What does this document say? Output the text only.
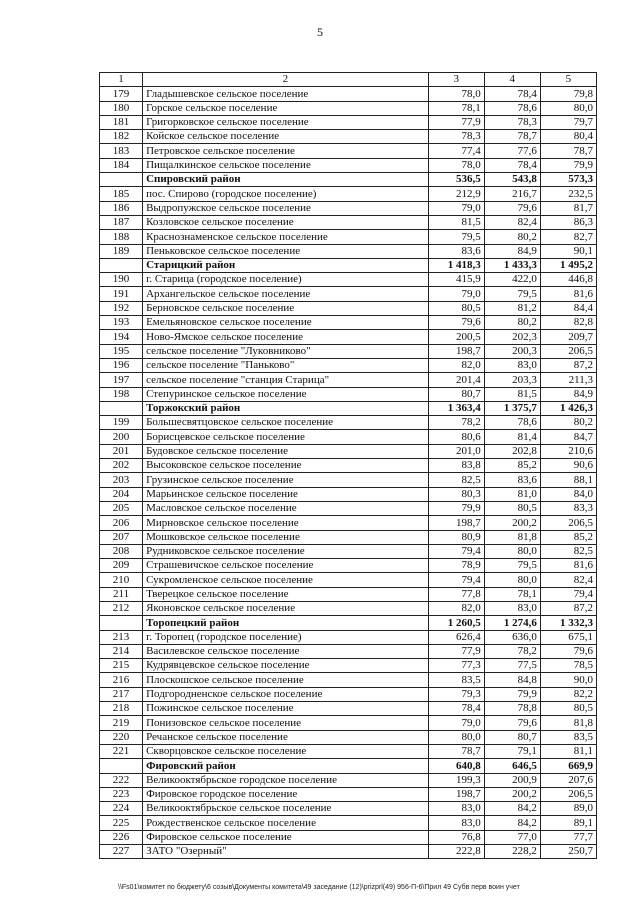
5
1	2	3	4	5
179	Гладышевское сельское поселение	78,0	78,4	79,8
180	Горское сельское поселение	78,1	78,6	80,0
181	Григорковское сельское поселение	77,9	78,3	79,7
182	Койское сельское поселение	78,3	78,7	80,4
183	Петровское сельское поселение	77,4	77,6	78,7
184	Пищалкинское сельское поселение	78,0	78,4	79,9
	Спировский район	536,5	543,8	573,3
185	пос. Спирово (городское поселение)	212,9	216,7	232,5
186	Выдропужское сельское поселение	79,0	79,6	81,7
187	Козловское сельское поселение	81,5	82,4	86,3
188	Краснознаменское сельское поселение	79,5	80,2	82,7
189	Пеньковское сельское поселение	83,6	84,9	90,1
	Старицкий район	1 418,3	1 433,3	1 495,2
190	г. Старица (городское поселение)	415,9	422,0	446,8
191	Архангельское сельское поселение	79,0	79,5	81,6
192	Берновское сельское поселение	80,5	81,2	84,4
193	Емельяновское сельское поселение	79,6	80,2	82,8
194	Ново-Ямское сельское поселение	200,5	202,3	209,7
195	сельское поселение "Луковниково"	198,7	200,3	206,5
196	сельское поселение "Паньково"	82,0	83,0	87,2
197	сельское поселение "станция Старица"	201,4	203,3	211,3
198	Степуринское сельское поселение	80,7	81,5	84,9
	Торжокский район	1 363,4	1 375,7	1 426,3
199	Большесвятцовское сельское поселение	78,2	78,6	80,2
200	Борисцевское сельское поселение	80,6	81,4	84,7
201	Будовское сельское поселение	201,0	202,8	210,6
202	Высоковское сельское поселение	83,8	85,2	90,6
203	Грузинское сельское поселение	82,5	83,6	88,1
204	Марьинское сельское поселение	80,3	81,0	84,0
205	Масловское сельское поселение	79,9	80,5	83,3
206	Мирновское сельское поселение	198,7	200,2	206,5
207	Мошковское сельское поселение	80,9	81,8	85,2
208	Рудниковское сельское поселение	79,4	80,0	82,5
209	Страшевичское сельское поселение	78,9	79,5	81,6
210	Сукромленское сельское поселение	79,4	80,0	82,4
211	Тверецкое сельское поселение	77,8	78,1	79,4
212	Яконовское сельское поселение	82,0	83,0	87,2
	Торопецкий район	1 260,5	1 274,6	1 332,3
213	г. Торопец (городское поселение)	626,4	636,0	675,1
214	Василевское сельское поселение	77,9	78,2	79,6
215	Кудрявцевское сельское поселение	77,3	77,5	78,5
216	Плоскошское сельское поселение	83,5	84,8	90,0
217	Подгородненское сельское поселение	79,3	79,9	82,2
218	Пожинское сельское поселение	78,4	78,8	80,5
219	Понизовское сельское поселение	79,0	79,6	81,8
220	Речанское сельское поселение	80,0	80,7	83,5
221	Скворцовское сельское поселение	78,7	79,1	81,1
	Фировский район	640,8	646,5	669,9
222	Великооктябрьское городское поселение	199,3	200,9	207,6
223	Фировское городское поселение	198,7	200,2	206,5
224	Великооктябрьское сельское поселение	83,0	84,2	89,0
225	Рождественское сельское поселение	83,0	84,2	89,1
226	Фировское сельское поселение	76,8	77,0	77,7
227	ЗАТО "Озерный"	222,8	228,2	250,7
\\Fs01\комитет по бюджету\6 созыв\Документы комитета\49 заседание (12)\prizprl(49) 956-П-6\Прил 49 Субв перв воин учет
